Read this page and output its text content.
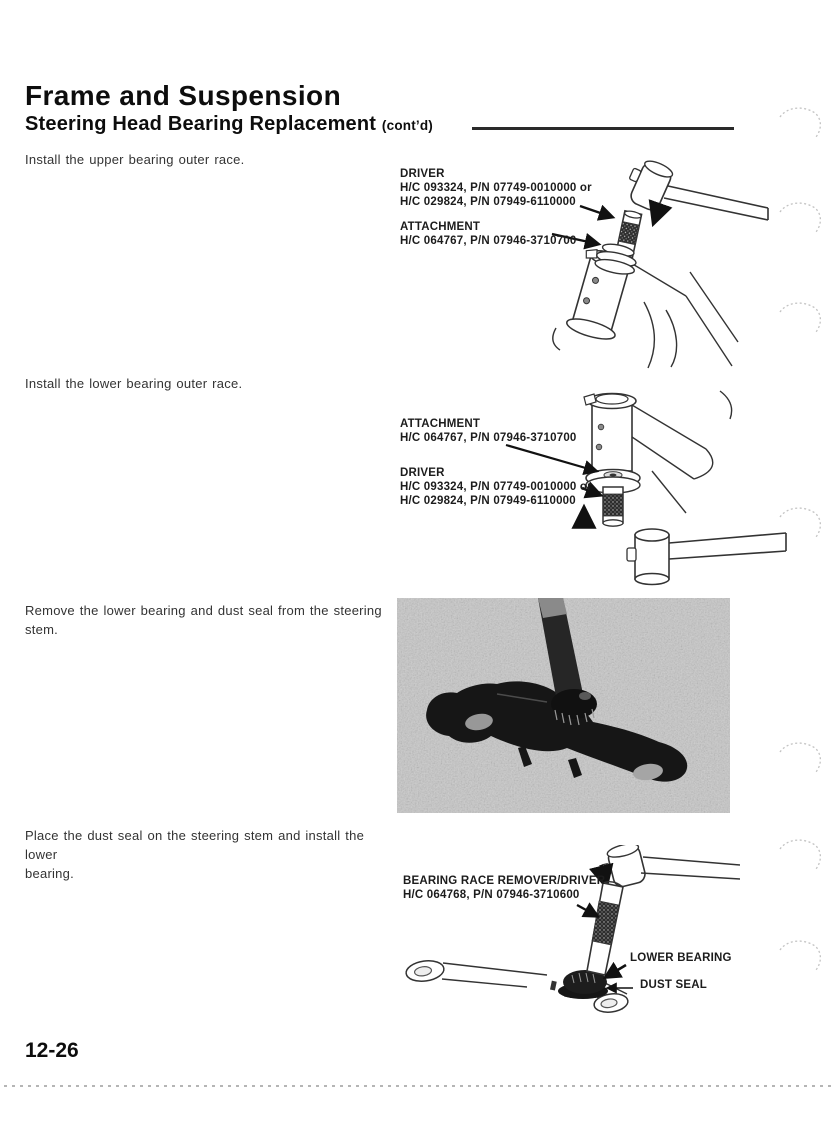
Frame and Suspension
Steering Head Bearing Replacement (cont’d)
Install the upper bearing outer race.
DRIVER
H/C 093324, P/N 07749-0010000 or
H/C 029824, P/N 07949-6110000
ATTACHMENT
H/C 064767, P/N 07946-3710700
Install the lower bearing outer race.
ATTACHMENT
H/C 064767, P/N 07946-3710700
DRIVER
H/C 093324, P/N 07749-0010000 or
H/C 029824, P/N 07949-6110000
Remove the lower bearing and dust seal from the steering
stem.
Place the dust seal on the steering stem and install the lower
bearing.	BEARING RACE REMOVER/DRIVER
H/C 064768, P/N 07946-3710600
LOWER BEARING
DUST SEAL
12-26
